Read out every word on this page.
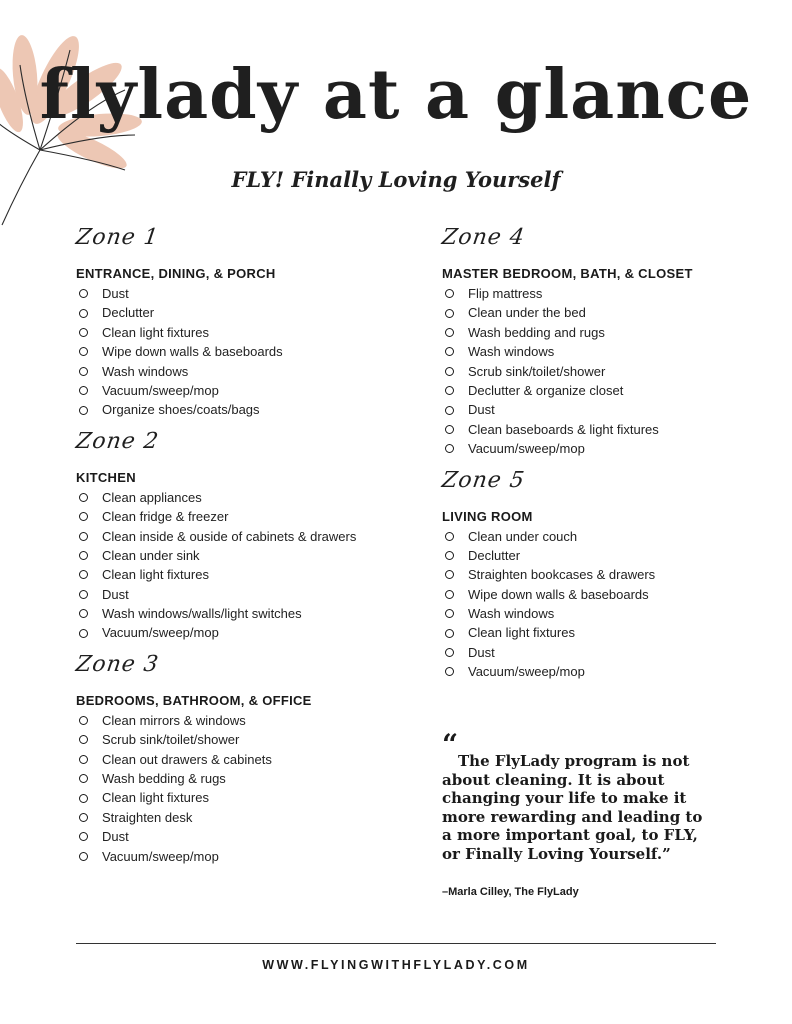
flylady at a glance
FLY! Finally Loving Yourself
Zone 1
ENTRANCE, DINING, & PORCH
Dust
Declutter
Clean light fixtures
Wipe down walls & baseboards
Wash windows
Vacuum/sweep/mop
Organize shoes/coats/bags
Zone 2
KITCHEN
Clean appliances
Clean fridge & freezer
Clean inside & ouside of cabinets & drawers
Clean under sink
Clean light fixtures
Dust
Wash windows/walls/light switches
Vacuum/sweep/mop
Zone 3
BEDROOMS, BATHROOM, & OFFICE
Clean mirrors & windows
Scrub sink/toilet/shower
Clean out drawers & cabinets
Wash bedding & rugs
Clean light fixtures
Straighten desk
Dust
Vacuum/sweep/mop
Zone 4
MASTER BEDROOM, BATH, & CLOSET
Flip mattress
Clean under the bed
Wash bedding and rugs
Wash windows
Scrub sink/toilet/shower
Declutter & organize closet
Dust
Clean baseboards & light fixtures
Vacuum/sweep/mop
Zone 5
LIVING ROOM
Clean under couch
Declutter
Straighten bookcases & drawers
Wipe down walls & baseboards
Wash windows
Clean light fixtures
Dust
Vacuum/sweep/mop
“ The FlyLady program is not about cleaning. It is about changing your life to make it more rewarding and leading to a more important goal, to FLY, or Finally Loving Yourself.”
–Marla Cilley, The FlyLady
WWW.FLYINGWITHFLYLADY.COM
